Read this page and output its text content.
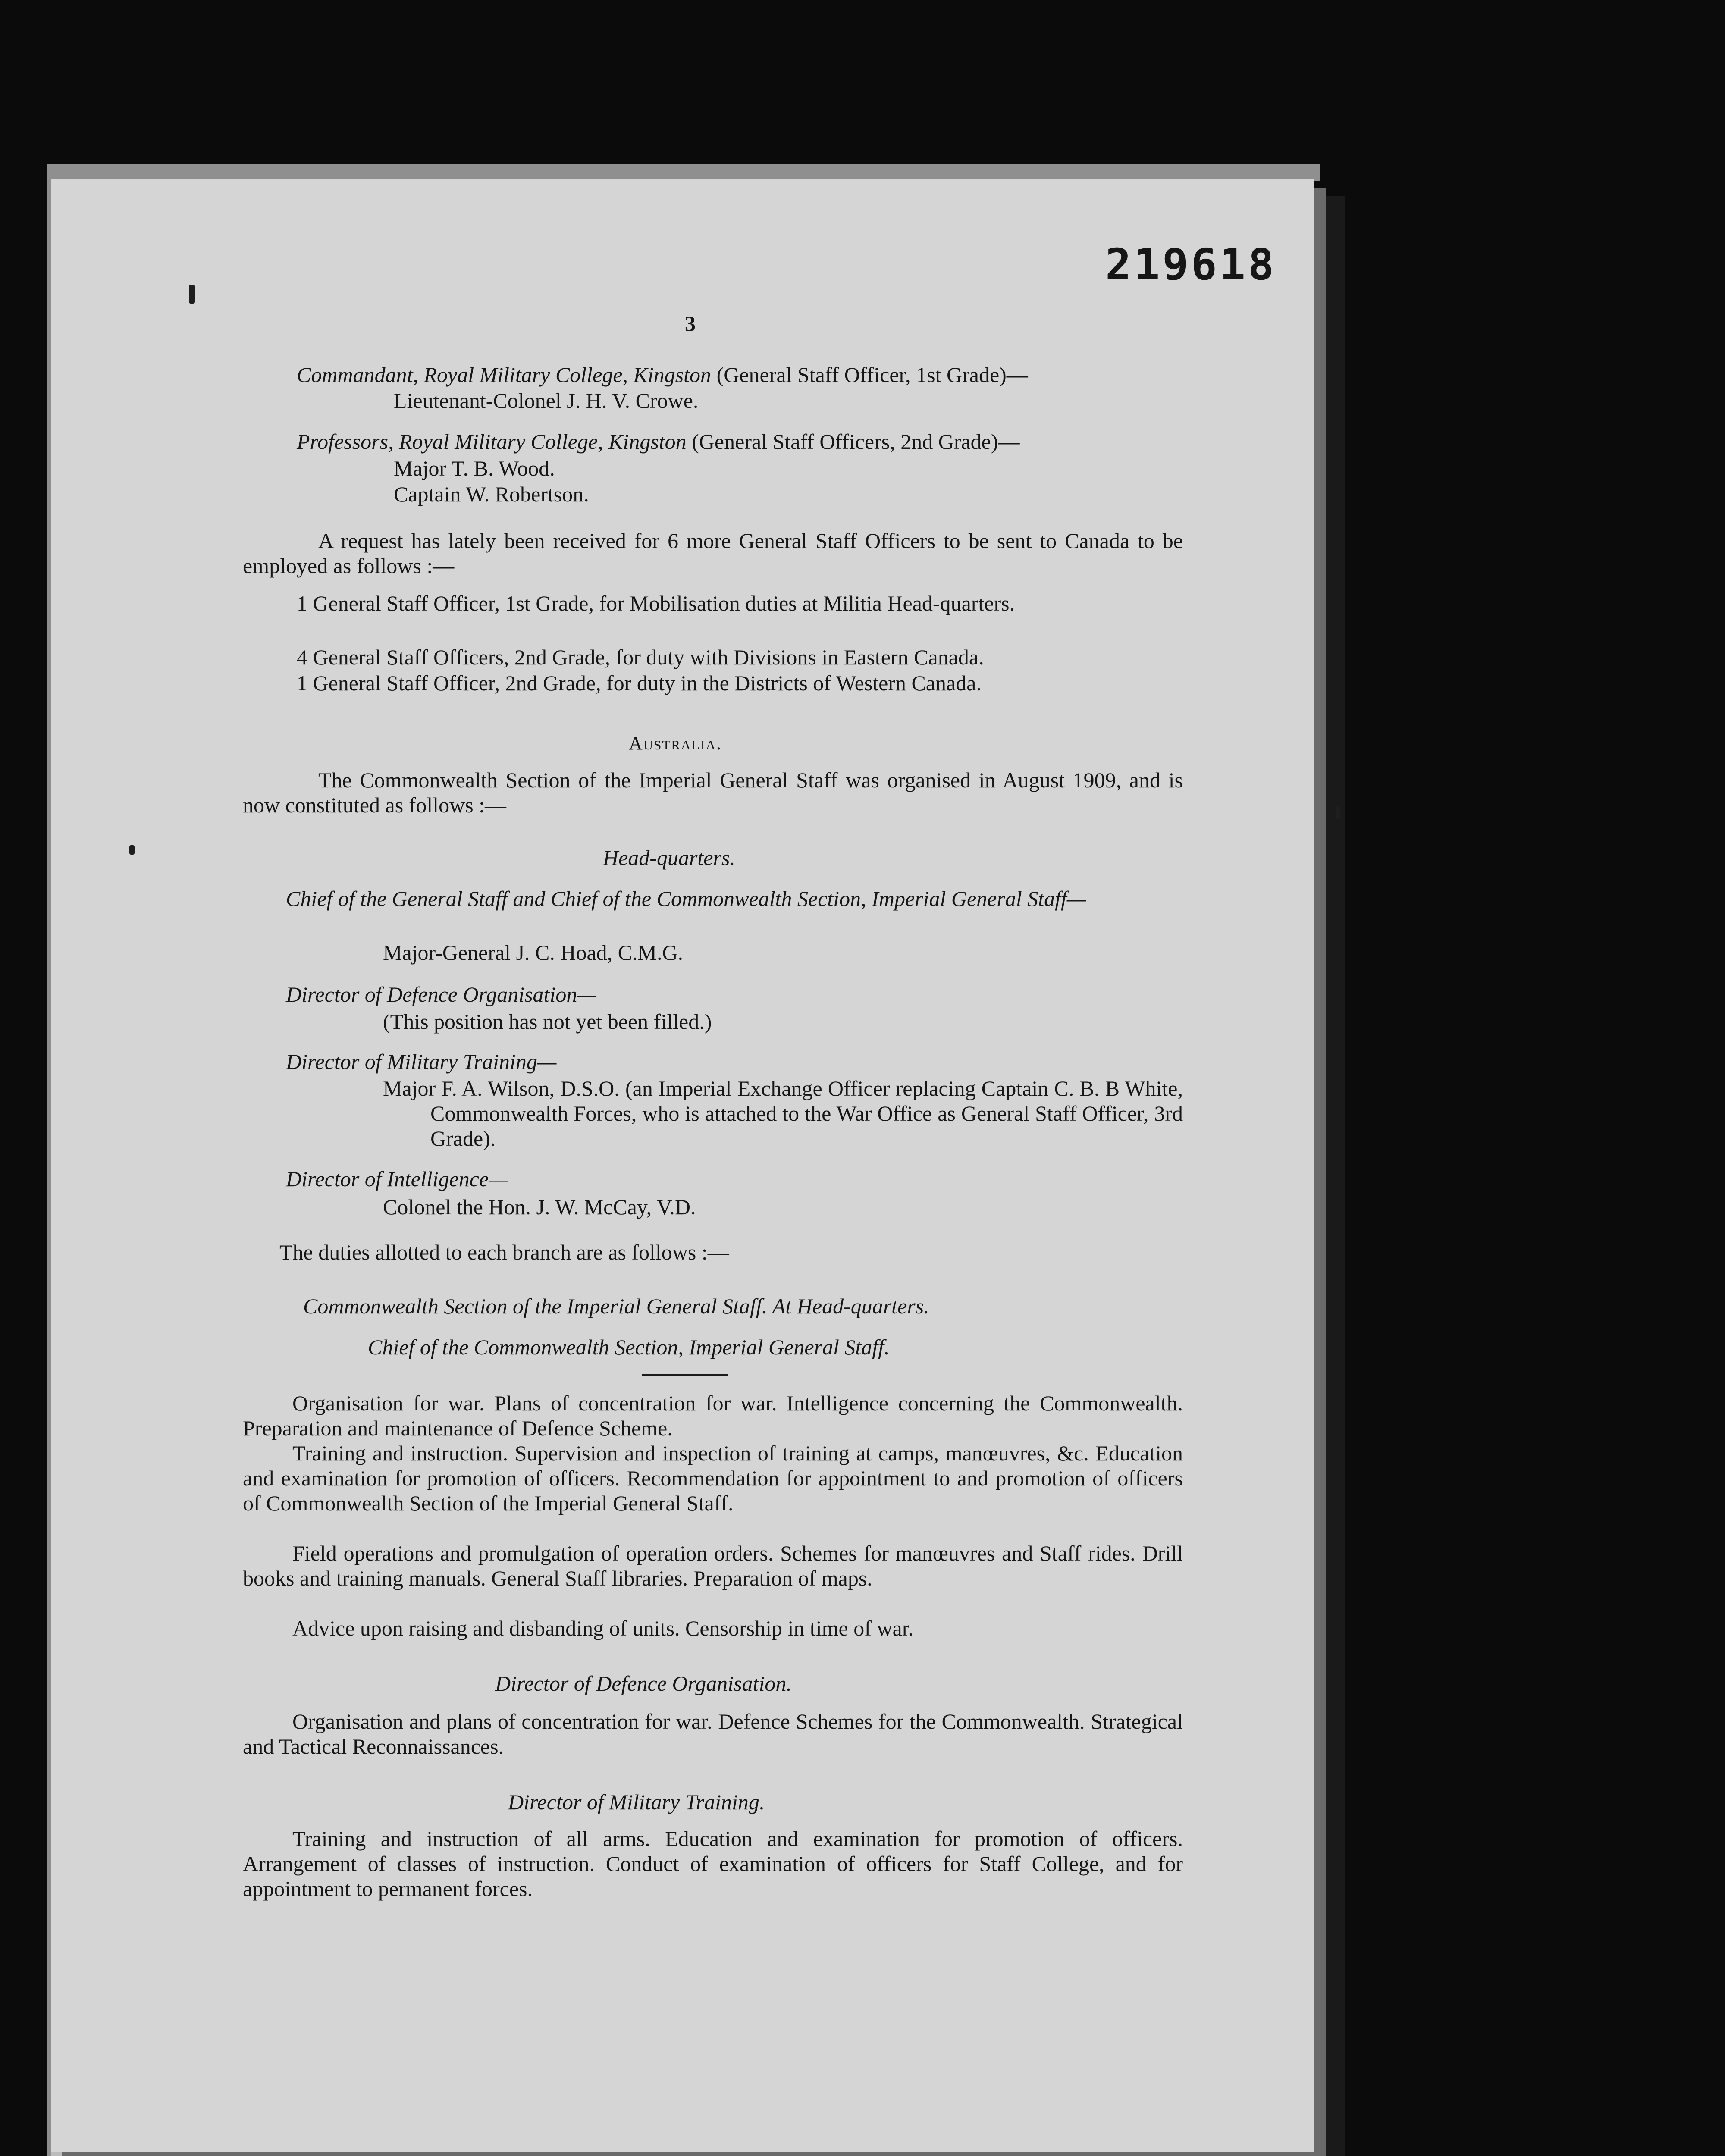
219618
3
Commandant, Royal Military College, Kingston (General Staff Officer, 1st Grade)—
Lieutenant-Colonel J. H. V. Crowe.
Professors, Royal Military College, Kingston (General Staff Officers, 2nd Grade)—
Major T. B. Wood.
Captain W. Robertson.
A request has lately been received for 6 more General Staff Officers to be sent to Canada to be employed as follows :—
1 General Staff Officer, 1st Grade, for Mobilisation duties at Militia Head-quarters.
4 General Staff Officers, 2nd Grade, for duty with Divisions in Eastern Canada.
1 General Staff Officer, 2nd Grade, for duty in the Districts of Western Canada.
Australia.
The Commonwealth Section of the Imperial General Staff was organised in August 1909, and is now constituted as follows :—
Head-quarters.
Chief of the General Staff and Chief of the Commonwealth Section, Imperial General Staff—
Major-General J. C. Hoad, C.M.G.
Director of Defence Organisation—
(This position has not yet been filled.)
Director of Military Training—
Major F. A. Wilson, D.S.O. (an Imperial Exchange Officer replacing Captain C. B. B White, Commonwealth Forces, who is attached to the War Office as General Staff Officer, 3rd Grade).
Director of Intelligence—
Colonel the Hon. J. W. McCay, V.D.
The duties allotted to each branch are as follows :—
Commonwealth Section of the Imperial General Staff. At Head-quarters.
Chief of the Commonwealth Section, Imperial General Staff.
Organisation for war. Plans of concentration for war. Intelligence concerning the Commonwealth. Preparation and maintenance of Defence Scheme.
Training and instruction. Supervision and inspection of training at camps, manœuvres, &c. Education and examination for promotion of officers. Recommendation for appointment to and promotion of officers of Commonwealth Section of the Imperial General Staff.
Field operations and promulgation of operation orders. Schemes for manœuvres and Staff rides. Drill books and training manuals. General Staff libraries. Preparation of maps.
Advice upon raising and disbanding of units. Censorship in time of war.
Director of Defence Organisation.
Organisation and plans of concentration for war. Defence Schemes for the Commonwealth. Strategical and Tactical Reconnaissances.
Director of Military Training.
Training and instruction of all arms. Education and examination for promotion of officers. Arrangement of classes of instruction. Conduct of examination of officers for Staff College, and for appointment to permanent forces.
